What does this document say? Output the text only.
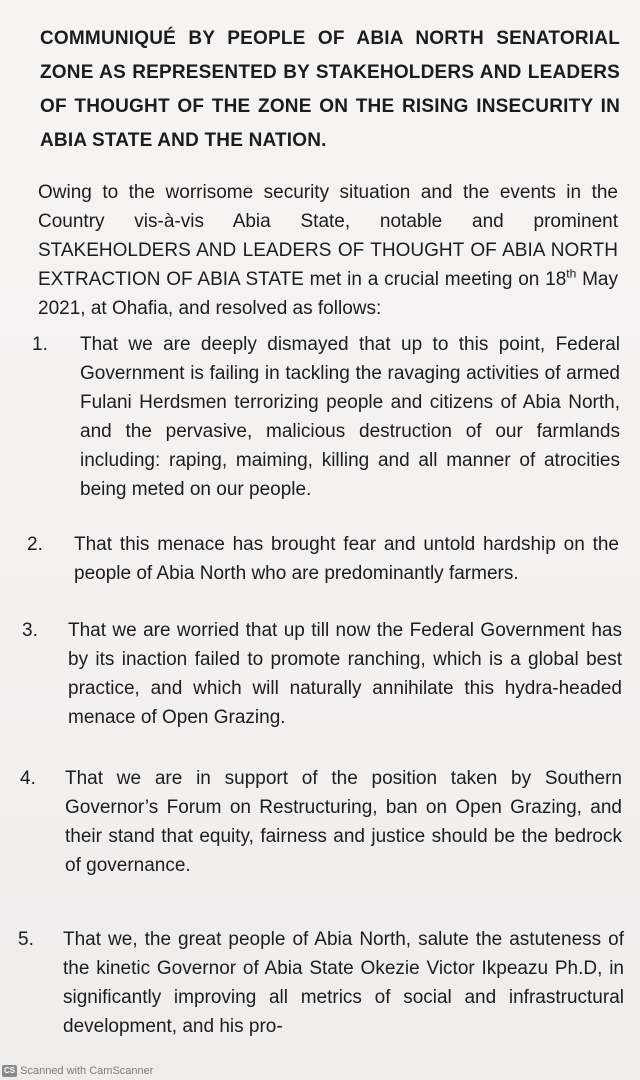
COMMUNIQUÉ BY PEOPLE OF ABIA NORTH SENATORIAL ZONE AS REPRESENTED BY STAKEHOLDERS AND LEADERS OF THOUGHT OF THE ZONE ON THE RISING INSECURITY IN ABIA STATE AND THE NATION.
Owing to the worrisome security situation and the events in the Country vis-à-vis Abia State, notable and prominent STAKEHOLDERS AND LEADERS OF THOUGHT OF ABIA NORTH EXTRACTION OF ABIA STATE met in a crucial meeting on 18th May 2021, at Ohafia, and resolved as follows:
1. That we are deeply dismayed that up to this point, Federal Government is failing in tackling the ravaging activities of armed Fulani Herdsmen terrorizing people and citizens of Abia North, and the pervasive, malicious destruction of our farmlands including: raping, maiming, killing and all manner of atrocities being meted on our people.
2. That this menace has brought fear and untold hardship on the people of Abia North who are predominantly farmers.
3. That we are worried that up till now the Federal Government has by its inaction failed to promote ranching, which is a global best practice, and which will naturally annihilate this hydra-headed menace of Open Grazing.
4. That we are in support of the position taken by Southern Governor’s Forum on Restructuring, ban on Open Grazing, and their stand that equity, fairness and justice should be the bedrock of governance.
5. That we, the great people of Abia North, salute the astuteness of the kinetic Governor of Abia State Okezie Victor Ikpeazu Ph.D, in significantly improving all metrics of social and infrastructural development, and his pro-
CS Scanned with CamScanner
